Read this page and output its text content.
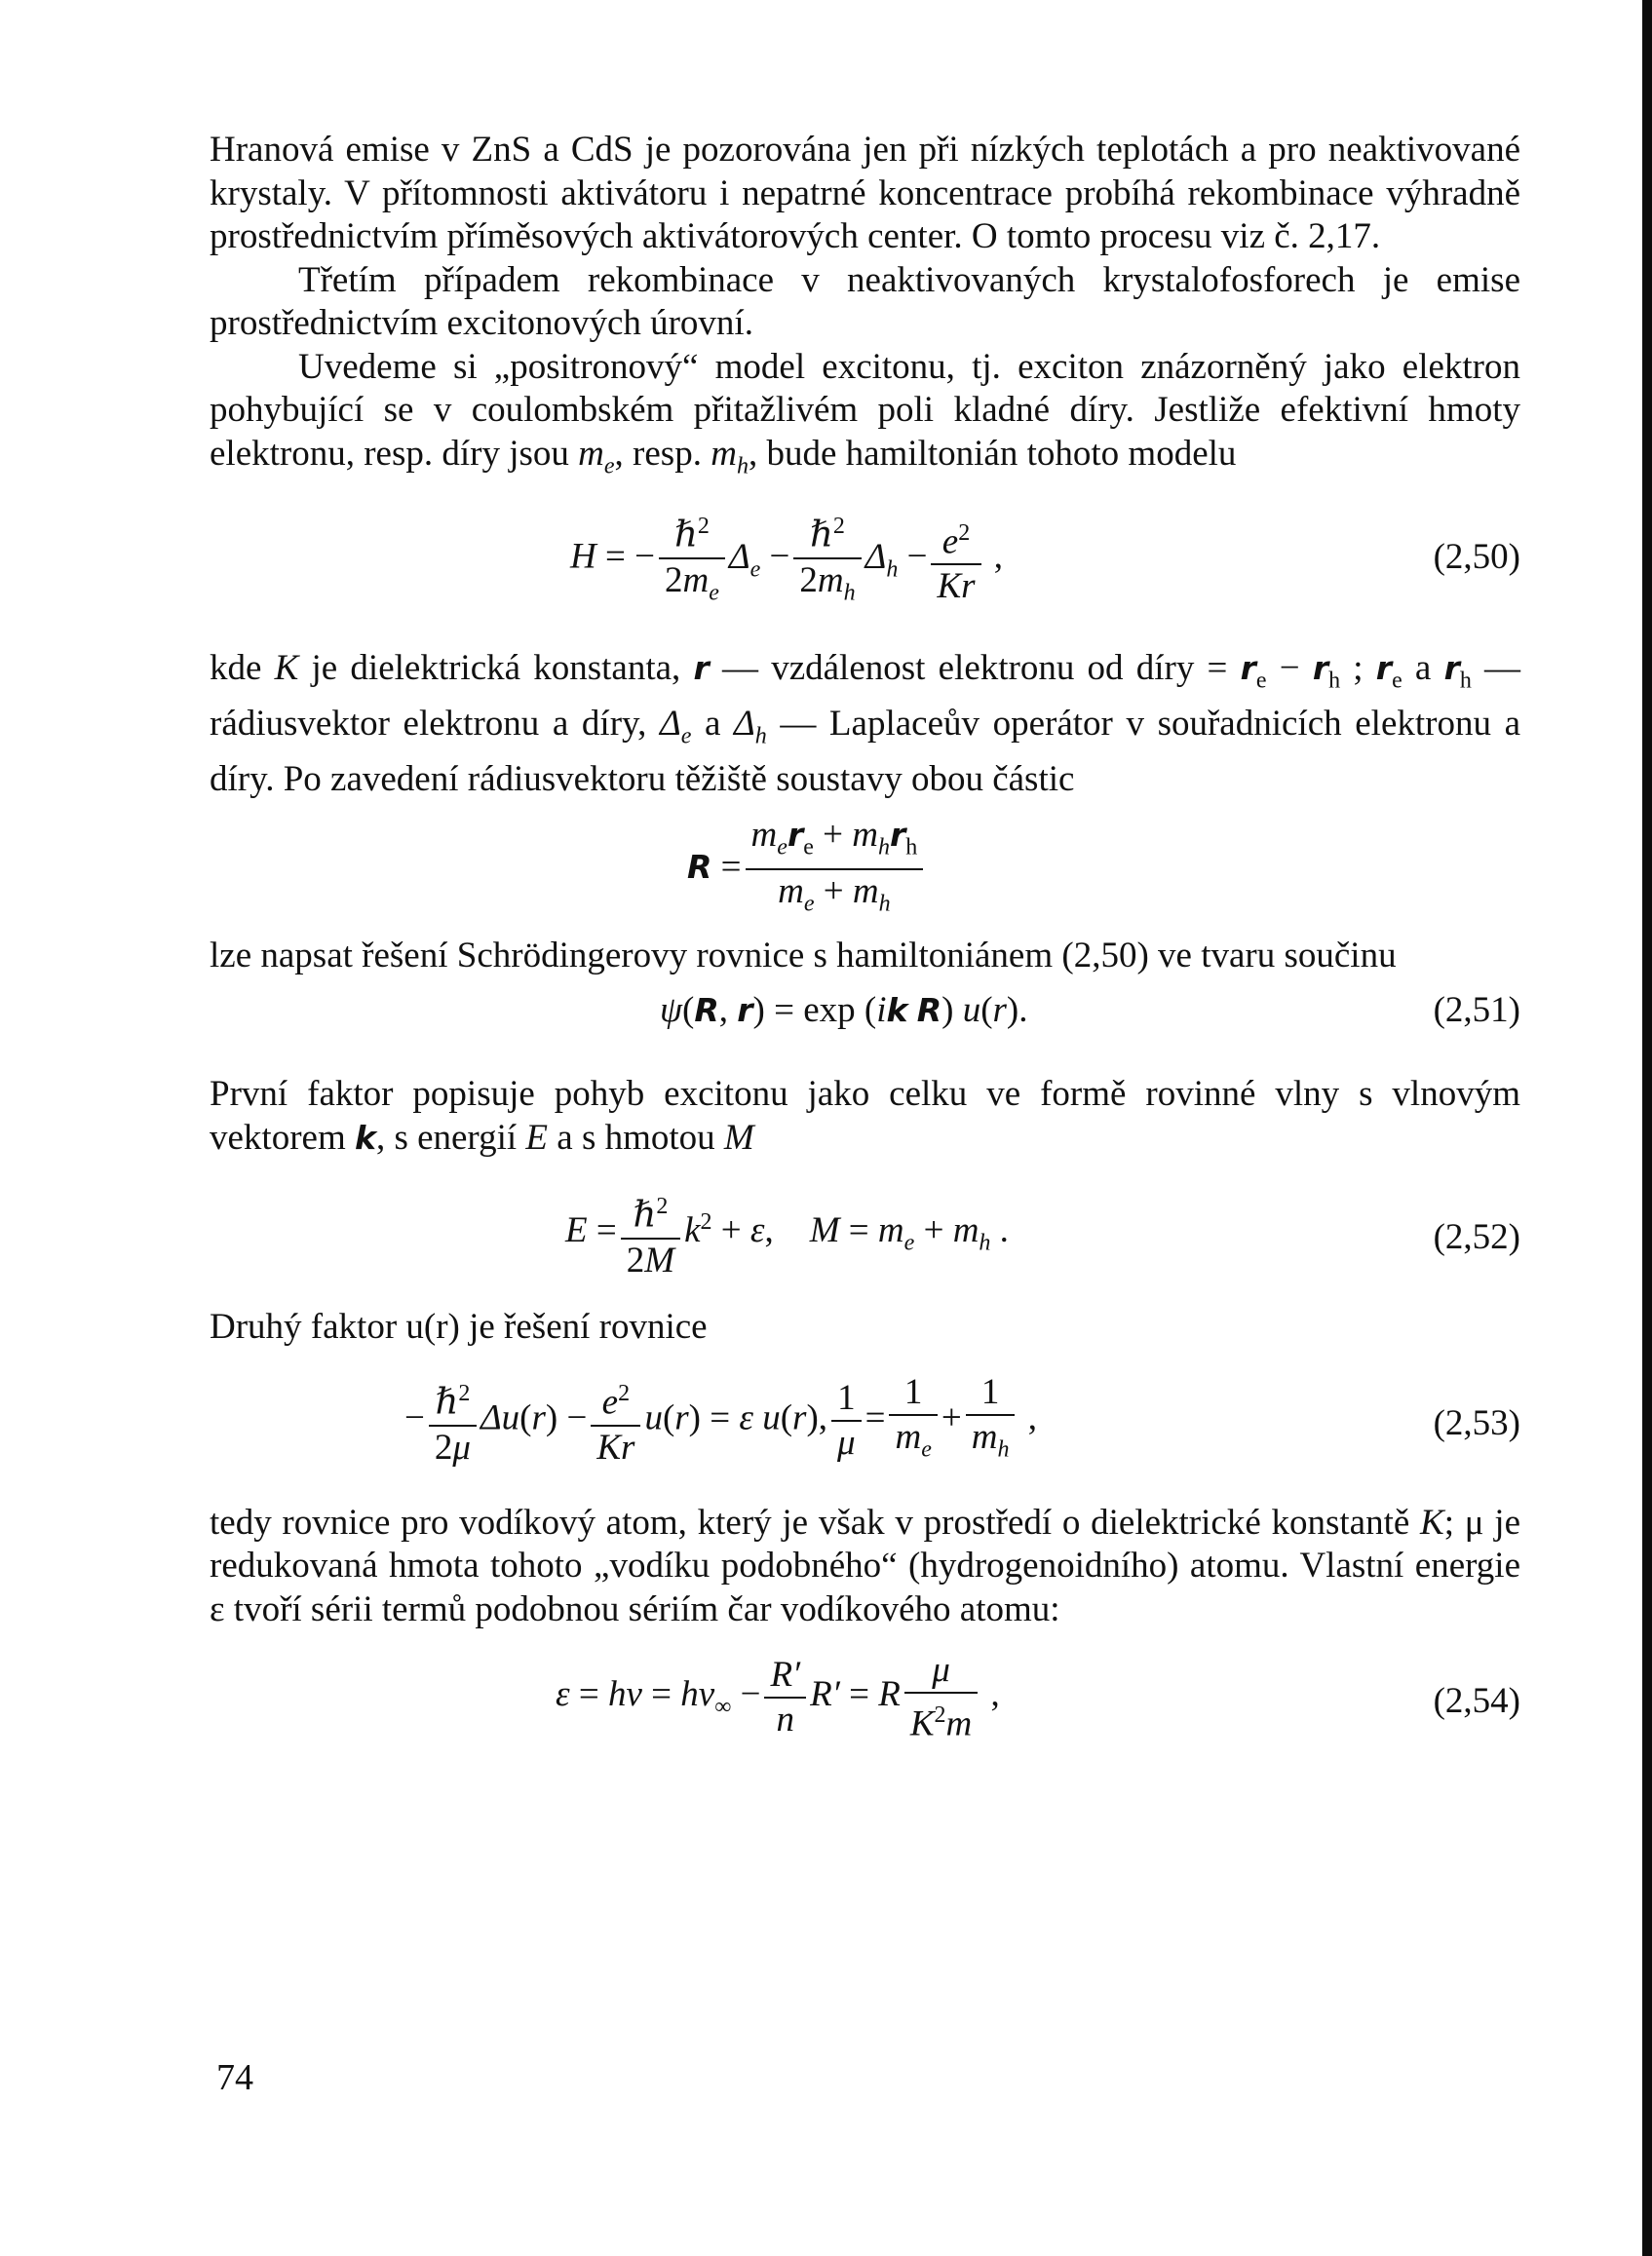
Hranová emise v ZnS a CdS je pozorována jen při nízkých teplotách a pro neaktivované krystaly. V přítomnosti aktivátoru i nepatrné koncentrace probíhá rekombinace výhradně prostřednictvím příměsových aktivátorových center. O tomto procesu viz č. 2,17.

Třetím případem rekombinace v neaktivovaných krystalofosforech je emise prostřednictvím excitonových úrovní.

Uvedeme si „positronový“ model excitonu, tj. exciton znázorněný jako elektron pohybující se v coulombském přitažlivém poli kladné díry. Jestliže efektivní hmoty elektronu, resp. díry jsou $m_e$, resp. $m_h$, bude hamiltonián tohoto modelu

H = − $\frac{\hbar^2}{2m_e} \Delta_e - \frac{\hbar^2}{2m_h} \Delta_h - \frac{e^2}{Kr}$ ,	(2,50)

kde K je dielektrická konstanta, r — vzdálenost elektronu od díry = $r_e - r_h$ ; $r_e$ a $r_h$ — rádiusvektor elektronu a díry, $\Delta_e$ a $\Delta_h$ — Laplaceův operátor v souřadnicích elektronu a díry. Po zavedení rádiusvektoru těžiště soustavy obou částic

$R = \frac{m_er_e + m_hr_h}{m_e + m_h}$

lze napsat řešení Schrödingerovy rovnice s hamiltoniánem (2,50) ve tvaru součinu

ψ(R, r) = exp (ik R) u(r).	(2,51)

První faktor popisuje pohyb excitonu jako celku ve formě rovinné vlny s vlnovým vektorem k, s energií E a s hmotou M

$E = \frac{\hbar^2}{2M} k^2 + \varepsilon$,    $M = m_e + m_h$ .	(2,52)

Druhý faktor u(r) je řešení rovnice

− $\frac{\hbar^2}{2\mu} \Delta u(r) - \frac{e^2}{Kr} u(r) = \varepsilon$ u(r), $\frac{1}{\mu} = \frac{1}{m_e} + \frac{1}{m_h}$ ,	(2,53)

tedy rovnice pro vodíkový atom, který je však v prostředí o dielektrické konstantě K; μ je redukovaná hmota tohoto „vodíku podobného“ (hydrogenoidního) atomu. Vlastní energie ε tvoří sérii termů podobnou sériím čar vodíkového atomu:

$\varepsilon = h\nu = h\nu_\infty - \frac{R'}{n} R' = R \frac{\mu}{K^2m}$ ,	(2,54)
74
